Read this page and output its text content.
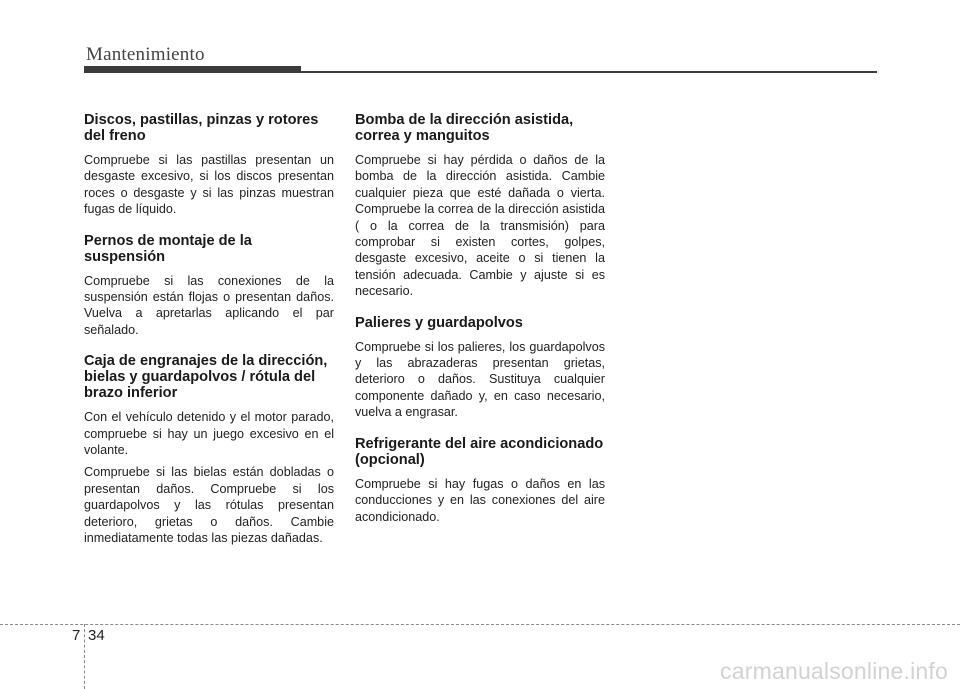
Mantenimiento
Discos, pastillas, pinzas y rotores del freno

Compruebe si las pastillas presentan un desgaste excesivo, si los discos presentan roces o desgaste y si las pinzas muestran fugas de líquido.

Pernos de montaje de la suspensión

Compruebe si las conexiones de la suspensión están flojas o presentan daños. Vuelva a apretarlas aplicando el par señalado.

Caja de engranajes de la dirección, bielas y guardapolvos / rótula del brazo inferior

Con el vehículo detenido y el motor parado, compruebe si hay un juego excesivo en el volante.

Compruebe si las bielas están dobladas o presentan daños. Compruebe si los guardapolvos y las rótulas presentan deterioro, grietas o daños. Cambie inmediatamente todas las piezas dañadas.

Bomba de la dirección asistida, correa y manguitos

Compruebe si hay pérdida o daños de la bomba de la dirección asistida. Cambie cualquier pieza que esté dañada o vierta. Compruebe la correa de la dirección asistida ( o la correa de la transmisión) para comprobar si existen cortes, golpes, desgaste excesivo, aceite o si tienen la tensión adecuada. Cambie y ajuste si es necesario.

Palieres y guardapolvos

Compruebe si los palieres, los guardapolvos y las abrazaderas presentan grietas, deterioro o daños. Sustituya cualquier componente dañado y, en caso necesario, vuelva a engrasar.

Refrigerante del aire acondicionado (opcional)

Compruebe si hay fugas o daños en las conducciones y en las conexiones del aire acondicionado.

7 34
carmanualsonline.info
